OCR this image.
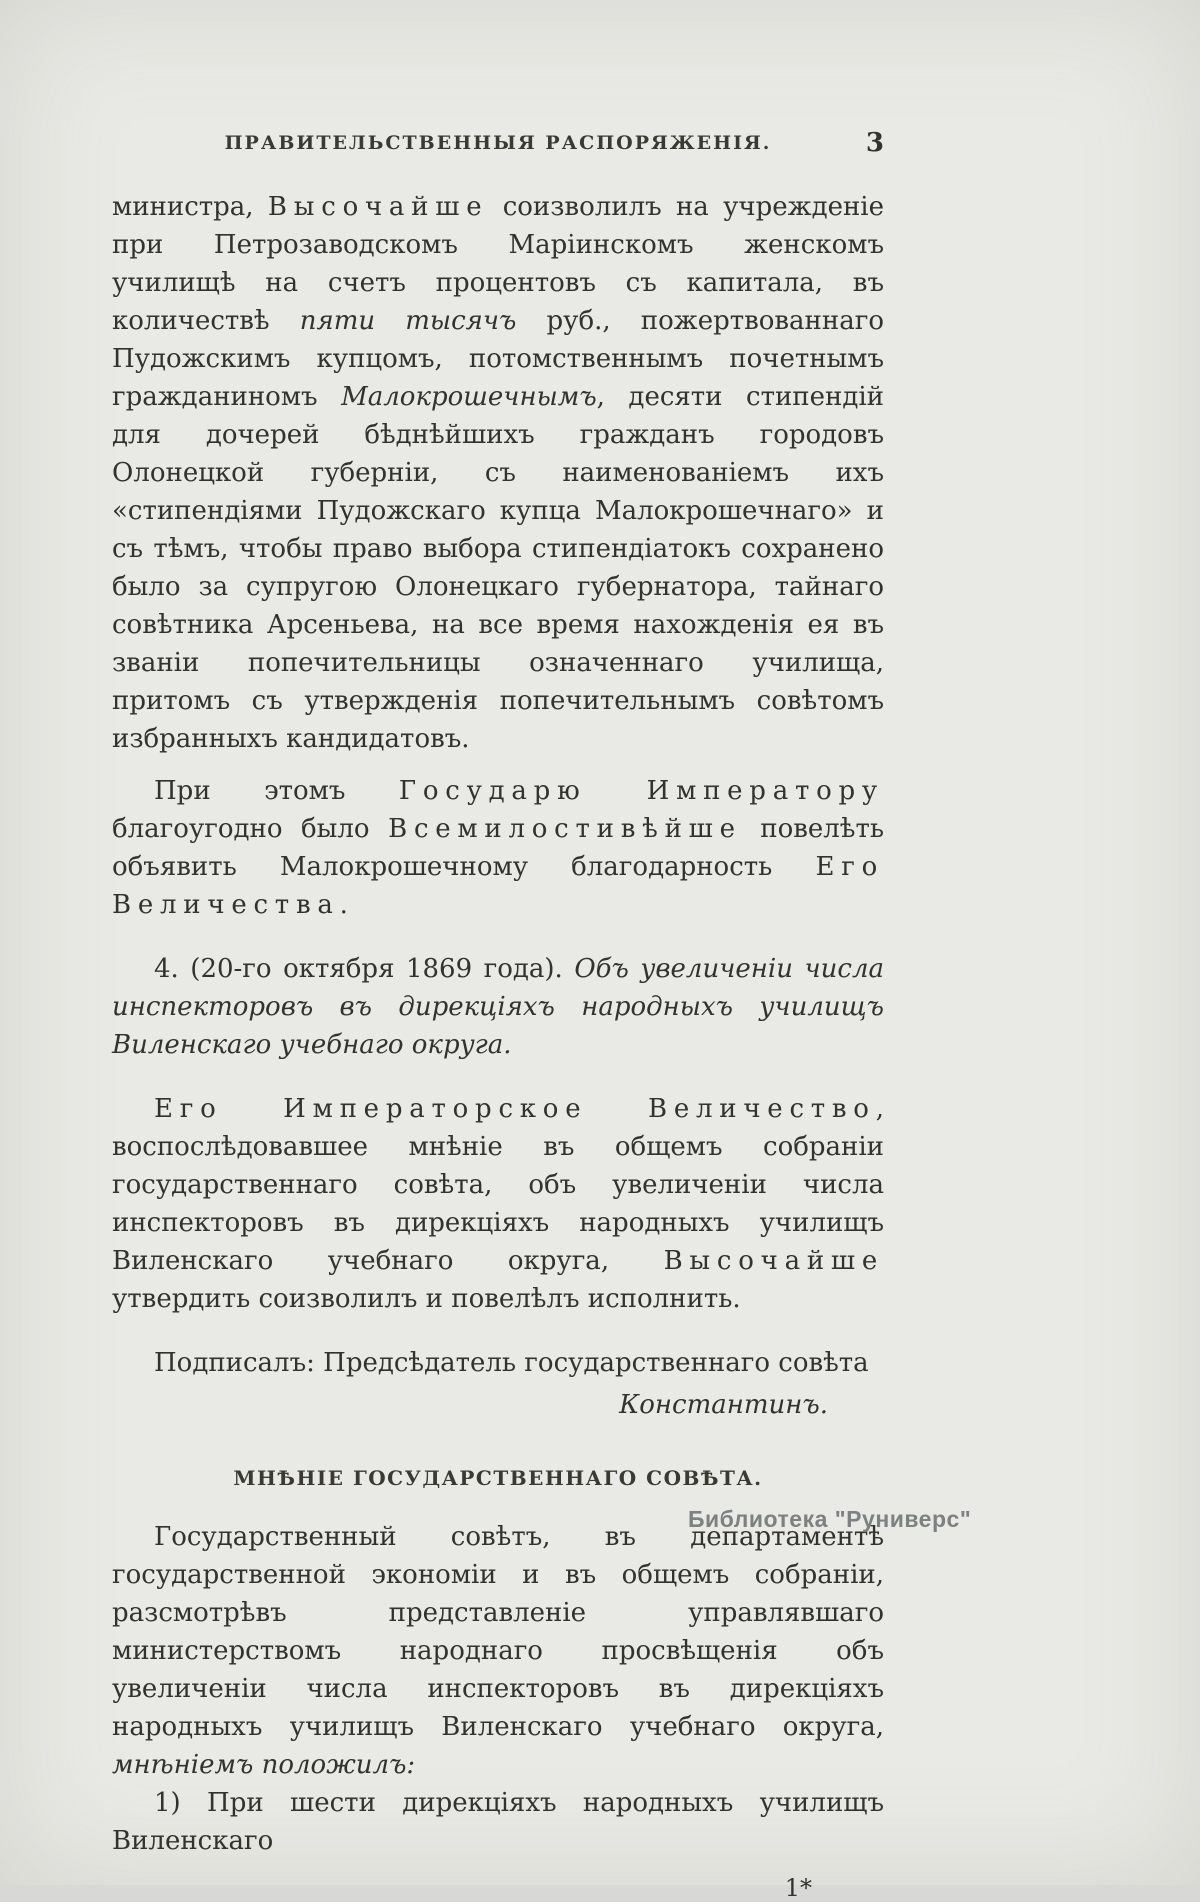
ПРАВИТЕЛЬСТВЕННЫЯ РАСПОРЯЖЕНІЯ.	3

министра, Высочайше соизволилъ на учрежденіе при Петрозаводскомъ Маріинскомъ женскомъ училищѣ на счетъ процентовъ съ капитала, въ количествѣ пяти тысячъ руб., пожертвованнаго Пудожскимъ купцомъ, потомственнымъ почетнымъ гражданиномъ Малокрошечнымъ, десяти стипендій для дочерей бѣднѣйшихъ гражданъ городовъ Олонецкой губерніи, съ наименованіемъ ихъ «стипендіями Пудожскаго купца Малокрошечнаго» и съ тѣмъ, чтобы право выбора стипендіатокъ сохранено было за супругою Олонецкаго губернатора, тайнаго совѣтника Арсеньева, на все время нахожденія ея въ званіи попечительницы означеннаго училища, притомъ съ утвержденія попечительнымъ совѣтомъ избранныхъ кандидатовъ.

При этомъ Государю Императору благоугодно было Всемилостивѣйше повелѣть объявить Малокрошечному благодарность Его Величества.

4. (20-го октября 1869 года). Объ увеличеніи числа инспекторовъ въ дирекціяхъ народныхъ училищъ Виленскаго учебнаго округа.

Его Императорское Величество, воспослѣдовавшее мнѣніе въ общемъ собраніи государственнаго совѣта, объ увеличеніи числа инспекторовъ въ дирекціяхъ народныхъ училищъ Виленскаго учебнаго округа, Высочайше утвердить соизволилъ и повелѣлъ исполнить.

Подписалъ: Предсѣдатель государственнаго совѣта

Константинъ.

МНѢНІЕ ГОСУДАРСТВЕННАГО СОВѢТА.

Государственный совѣтъ, въ департаментѣ государственной экономіи и въ общемъ собраніи, разсмотрѣвъ представленіе управлявшаго министерствомъ народнаго просвѣщенія объ увеличеніи числа инспекторовъ въ дирекціяхъ народныхъ училищъ Виленскаго учебнаго округа, мнѣніемъ положилъ:

1) При шести дирекціяхъ народныхъ училищъ Виленскаго

1*
Библиотека "Руниверс"
